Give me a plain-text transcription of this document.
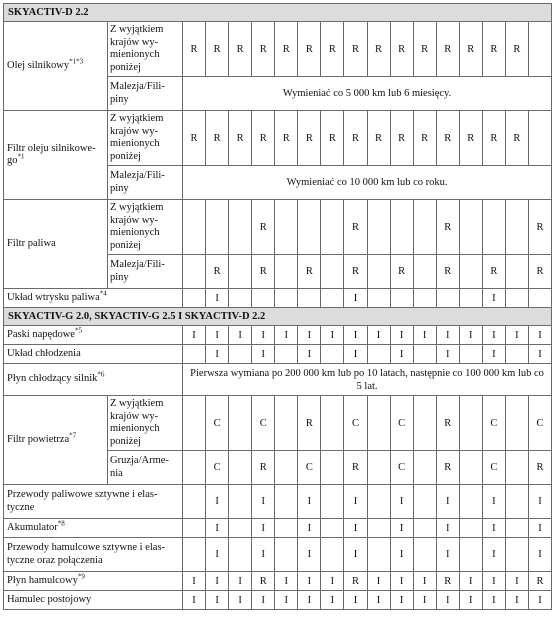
SKYACTIV-D 2.2																	
Olej silnikowy$^{*1*3}$	Z wyjątkiem krajów wy-mienionych poniżej	R	R	R	R	R	R	R	R	R	R	R	R	R	R	R	
	Malezja/Fili-piny	Wymieniać co 5 000 km lub 6 miesięcy.															
Filtr oleju silnikowe-$go^{*1}$	Z wyjątkiem krajów wy-mienionych poniżej	R	R	R	R	R	R	R	R	R	R	R	R	R	R	R	
	Malezja/Fili-piny	Wymieniać co 10 000 km lub co roku.															
Filtr paliwa	Z wyjątkiem krajów wy-mienionych poniżej				R				R				R				R
	Malezja/Fili-piny		R		R		R		R		R		R		R		R
Układ wtrysku paliwa$^{*4}$			I						I						I		
SKYACTIV-G 2.0, SKYACTIV-G 2.5 I SKYACTIV-D 2.2																	
Paski napędowe$^{*5}$		I	I	I	I	I	I	I	I	I	I	I	I	I	I	I	I
Układ chłodzenia			I		I		I		I		I		I		I		I
Płyn chłodzący silnik$^{*6}$		Pierwsza wymiana po 200 000 km lub po 10 latach, następnie co 100 000 km lub co 5 lat.															
Filtr powietrza$^{*7}$	Z wyjątkiem krajów wy-mienionych poniżej		C		C		R		C		C		R		C		C
	Gruzja/Arme-nia		C		R		C		R		C		R		C		R
Przewody paliwowe sztywne i elas-tyczne			I		I		I		I		I		I		I		I
Akumulator$^{*8}$			I		I		I		I		I		I		I		I
Przewody hamulcowe sztywne i elas-tyczne oraz połączenia			I		I		I		I		I		I		I		I
Płyn hamulcowy$^{*9}$		I	I	I	R	I	I	I	R	I	I	I	R	I	I	I	R
Hamulec postojowy		I	I	I	I	I	I	I	I	I	I	I	I	I	I	I	I
